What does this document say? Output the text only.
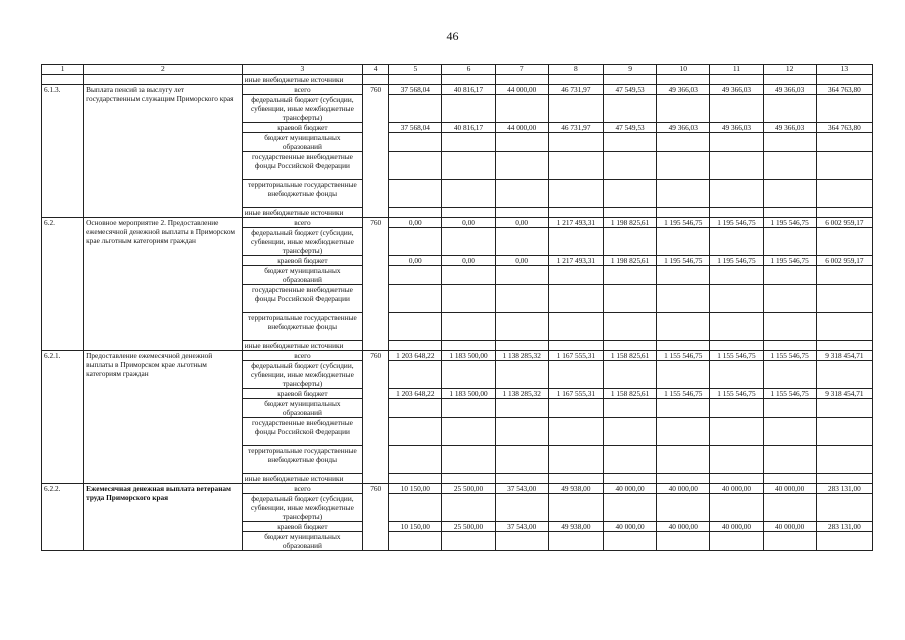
46
1	2	3	4	5	6	7	8	9	10	11	12	13
		иные внебюджетные источники										
6.1.3.	Выплата пенсий за выслугу лет государственным служащим Приморского края	всего	760	37 568,04	40 816,17	44 000,00	46 731,97	47 549,53	49 366,03	49 366,03	49 366,03	364 763,80
		федеральный бюджет (субсидии, субвенции, иные межбюджетные трансферты)										
		краевой бюджет		37 568,04	40 816,17	44 000,00	46 731,97	47 549,53	49 366,03	49 366,03	49 366,03	364 763,80
		бюджет муниципальных образований										
		государственные внебюджетные фонды Российской Федерации										
		территориальные государственные внебюджетные фонды										
		иные внебюджетные источники										
6.2.	Основное мероприятие 2. Предоставление ежемесячной денежной выплаты в Приморском крае льготным категориям граждан	всего	760	0,00	0,00	0,00	1 217 493,31	1 198 825,61	1 195 546,75	1 195 546,75	1 195 546,75	6 002 959,17
		федеральный бюджет (субсидии, субвенции, иные межбюджетные трансферты)										
		краевой бюджет		0,00	0,00	0,00	1 217 493,31	1 198 825,61	1 195 546,75	1 195 546,75	1 195 546,75	6 002 959,17
		бюджет муниципальных образований										
		государственные внебюджетные фонды Российской Федерации										
		территориальные государственные внебюджетные фонды										
		иные внебюджетные источники										
6.2.1.	Предоставление ежемесячной денежной выплаты в Приморском крае льготным категориям граждан	всего	760	1 203 648,22	1 183 500,00	1 138 285,32	1 167 555,31	1 158 825,61	1 155 546,75	1 155 546,75	1 155 546,75	9 318 454,71
		федеральный бюджет (субсидии, субвенции, иные межбюджетные трансферты)										
		краевой бюджет		1 203 648,22	1 183 500,00	1 138 285,32	1 167 555,31	1 158 825,61	1 155 546,75	1 155 546,75	1 155 546,75	9 318 454,71
		бюджет муниципальных образований										
		государственные внебюджетные фонды Российской Федерации										
		территориальные государственные внебюджетные фонды										
		иные внебюджетные источники										
6.2.2.	Ежемесячная денежная выплата ветеранам труда Приморского края	всего	760	10 150,00	25 500,00	37 543,00	49 938,00	40 000,00	40 000,00	40 000,00	40 000,00	283 131,00
		федеральный бюджет (субсидии, субвенции, иные межбюджетные трансферты)										
		краевой бюджет		10 150,00	25 500,00	37 543,00	49 938,00	40 000,00	40 000,00	40 000,00	40 000,00	283 131,00
		бюджет муниципальных образований										
